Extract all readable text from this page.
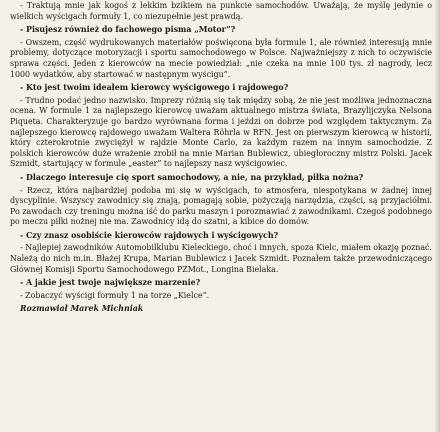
- Traktują mnie jak kogoś z lekkim bzikiem na punkcie samochodów. Uważają, że myślę jedynie o wielkich wyścigach formuły 1, co niezupełnie jest prawdą.

- Pisujesz również do fachowego pisma „Motor”?

- Owszem, część wydrukowanych materiałów poświęcona była formule 1, ale również interesują mnie problemy, dotyczące motoryzacji i sportu samochodowego w Polsce. Najważniejszy z nich to oczywiście sprawa części. Jeden z kierowców na mecie powiedział: „nie czeka na mnie 100 tys. zł nagrody, lecz 1000 wydatków, aby startować w następnym wyścigu”.

- Kto jest twoim ideałem kierowcy wyścigowego i rajdowego?

- Trudno podać jedno nazwisko. Imprezy różnią się tak między sobą, że nie jest możliwa jednoznaczna ocena. W formule 1 za najlepszego kierowcę uważam aktualnego mistrza świata, Brazylijczyka Nelsona Piqueta. Charakteryzuje go bardzo wyrównana forma i jeździ on dobrze pod względem taktycznym. Za najlepszego kierowcę rajdowego uważam Waltera Röhrla w RFN. Jest on pierwszym kierowcą w historii, który czterokrotnie zwyciężył w rajdzie Monte Carlo, za każdym razem na innym samochodzie. Z polskich kierowców duże wrażenie zrobił na mnie Marian Bublewicz, ubiegłoroczny mistrz Polski. Jacek Szmidt, startujący w formule „easter” to najlepszy nasz wyścigowiec.

- Dlaczego interesuje cię sport samochodowy, a nie, na przykład, piłka nożna?

- Rzecz, która najbardziej podoba mi się w wyścigach, to atmosfera, niespotykana w żadnej innej dyscyplinie. Wszyscy zawodnicy się znają, pomagają sobie, pożyczają narzędzia, części, są przyjaciółmi. Po zawodach czy treningu można iść do parku maszyn i porozmawiać z zawodnikami. Czegoś podobnego po meczu piłki nożnej nie ma. Zawodnicy idą do szatni, a kibice do domów.

- Czy znasz osobiście kierowców rajdowych i wyścigowych?

- Najlepiej zawodników Automobilklubu Kieleckiego, choć i innych, spoza Kielc, miałem okazję poznać. Należą do nich m.in. Błażej Krupa, Marian Bublewicz i Jacek Szmidt. Poznałem także przewodniczącego Głównej Komisji Sportu Samochodowego PZMot., Longina Bielaka.

- A jakie jest twoje największe marzenie?

- Zobaczyć wyścigi formuły 1 na torze „Kielce”.

Rozmawiał Marek Michniak
